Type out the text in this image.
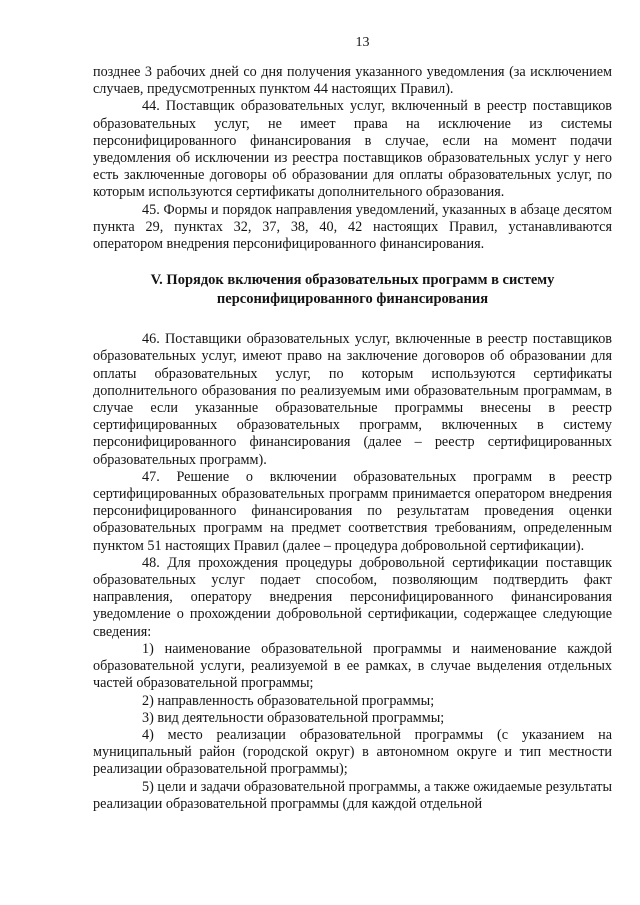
13

позднее 3 рабочих дней со дня получения указанного уведомления (за исключением случаев, предусмотренных пунктом 44 настоящих Правил).

44. Поставщик образовательных услуг, включенный в реестр поставщиков образовательных услуг, не имеет права на исключение из системы персонифицированного финансирования в случае, если на момент подачи уведомления об исключении из реестра поставщиков образовательных услуг у него есть заключенные договоры об образовании для оплаты образовательных услуг, по которым используются сертификаты дополнительного образования.

45. Формы и порядок направления уведомлений, указанных в абзаце десятом пункта 29, пунктах 32, 37, 38, 40, 42 настоящих Правил, устанавливаются оператором внедрения персонифицированного финансирования.

V. Порядок включения образовательных программ в систему персонифицированного финансирования

46. Поставщики образовательных услуг, включенные в реестр поставщиков образовательных услуг, имеют право на заключение договоров об образовании для оплаты образовательных услуг, по которым используются сертификаты дополнительного образования по реализуемым ими образовательным программам, в случае если указанные образовательные программы внесены в реестр сертифицированных образовательных программ, включенных в систему персонифицированного финансирования (далее – реестр сертифицированных образовательных программ).

47. Решение о включении образовательных программ в реестр сертифицированных образовательных программ принимается оператором внедрения персонифицированного финансирования по результатам проведения оценки образовательных программ на предмет соответствия требованиям, определенным пунктом 51 настоящих Правил (далее – процедура добровольной сертификации).

48. Для прохождения процедуры добровольной сертификации поставщик образовательных услуг подает способом, позволяющим подтвердить факт направления, оператору внедрения персонифицированного финансирования уведомление о прохождении добровольной сертификации, содержащее следующие сведения:

1) наименование образовательной программы и наименование каждой образовательной услуги, реализуемой в ее рамках, в случае выделения отдельных частей образовательной программы;

2) направленность образовательной программы;

3) вид деятельности образовательной программы;

4) место реализации образовательной программы (с указанием на муниципальный район (городской округ) в автономном округе и тип местности реализации образовательной программы);

5) цели и задачи образовательной программы, а также ожидаемые результаты реализации образовательной программы (для каждой отдельной
